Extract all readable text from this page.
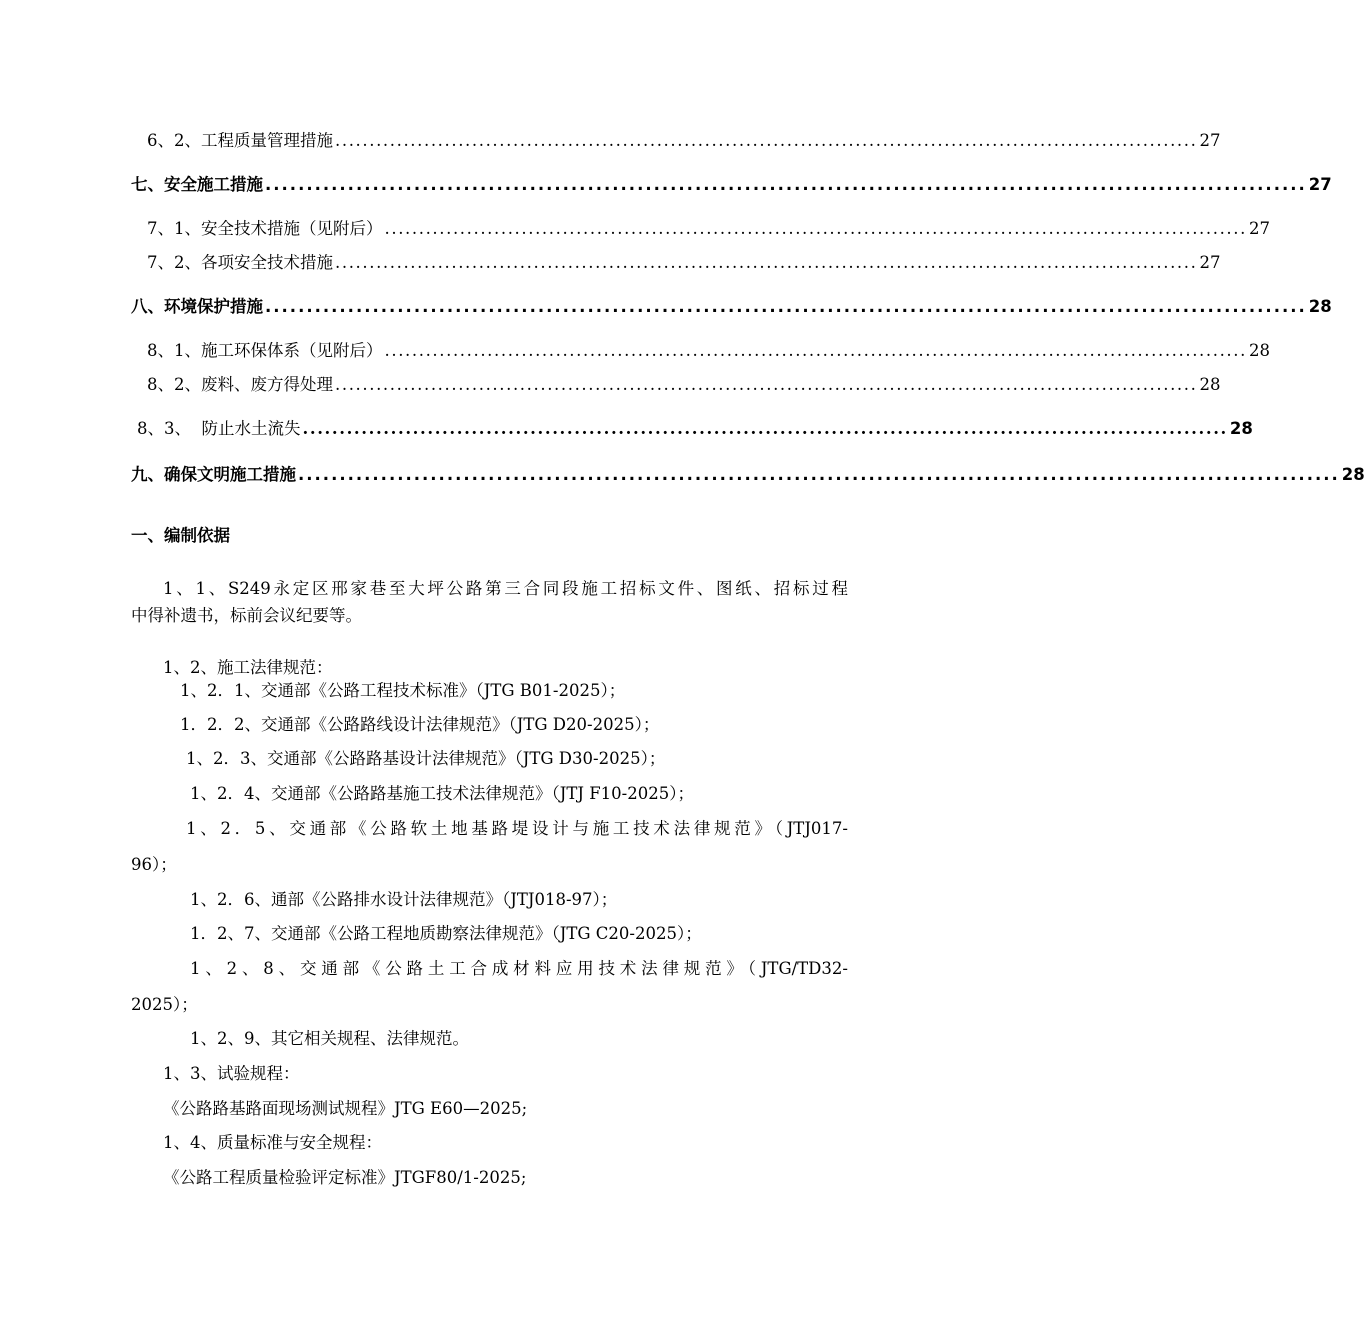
6、2、工程质量管理措施 .............................................................................................................................. 27
七、安全施工措施 .............................................................................................................................. 27
7、1、安全技术措施（见附后） .............................................................................................................................. 27
7、2、各项安全技术措施 .............................................................................................................................. 27
八、环境保护措施 .............................................................................................................................. 28
8、1、施工环保体系（见附后） .............................................................................................................................. 28
8、2、废料、废方得处理 .............................................................................................................................. 28
8、3、  防止水土流失 .............................................................................................................................. 28
九、确保文明施工措施 .............................................................................................................................. 28
一、编制依据
1、1、S249永定区邢家巷至大坪公路第三合同段施工招标文件、图纸、招标过程
中得补遗书，标前会议纪要等。
1、2、施工法律规范：
1、2．1、交通部《公路工程技术标准》（JTG B01-2025）；
1．2．2、交通部《公路路线设计法律规范》（JTG D20-2025）；
1、2．3、交通部《公路路基设计法律规范》（JTG D30-2025）；
1、2．4、交通部《公路路基施工技术法律规范》（JTJ F10-2025）；
1、2．5、交通部《公路软土地基路堤设计与施工技术法律规范》（JTJ017-
96）；
1、2．6、通部《公路排水设计法律规范》（JTJ018-97）；
1．2、7、交通部《公路工程地质勘察法律规范》（JTG C20-2025）；
1、2、8、交通部《公路土工合成材料应用技术法律规范》（JTG/TD32-
2025）；
1、2、9、其它相关规程、法律规范。
1、3、试验规程：
《公路路基路面现场测试规程》JTG E60—2025;
1、4、质量标准与安全规程：
《公路工程质量检验评定标准》JTGF80/1-2025;
